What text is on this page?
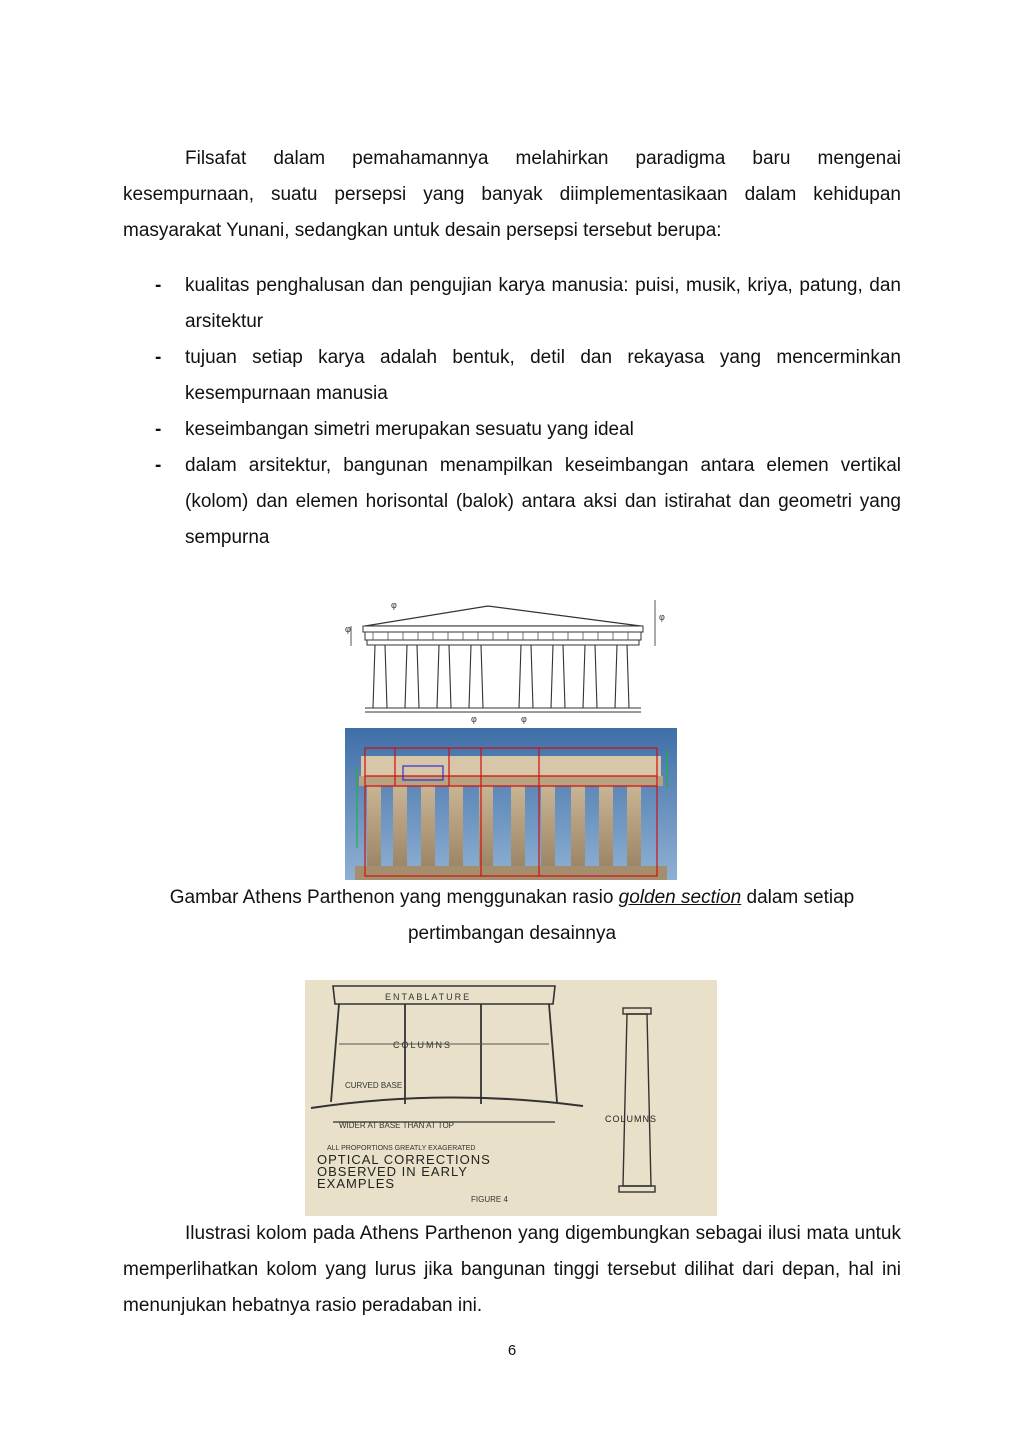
Filsafat dalam pemahamannya melahirkan paradigma baru mengenai kesempurnaan, suatu persepsi yang banyak diimplementasikaan dalam kehidupan masyarakat Yunani, sedangkan untuk desain persepsi tersebut berupa:
- kualitas penghalusan dan pengujian karya manusia: puisi, musik, kriya, patung, dan arsitektur
- tujuan setiap karya adalah bentuk, detil dan rekayasa yang mencerminkan kesempurnaan manusia
- keseimbangan simetri merupakan sesuatu yang ideal
- dalam arsitektur, bangunan menampilkan keseimbangan antara elemen vertikal (kolom) dan elemen horisontal (balok) antara aksi dan istirahat dan geometri yang sempurna
φ
φ
φ
φ	φ
Gambar Athens Parthenon yang menggunakan rasio golden section dalam setiap pertimbangan desainnya
ENTABLATURE
COLUMNS
CURVED BASE
WIDER AT BASE THAN AT TOP
ALL PROPORTIONS GREATLY EXAGERATED
OPTICAL CORRECTIONS
OBSERVED IN EARLY
EXAMPLES
FIGURE 4
COLUMNS
Ilustrasi kolom pada Athens Parthenon yang digembungkan sebagai ilusi mata untuk memperlihatkan kolom yang lurus jika bangunan tinggi tersebut dilihat dari depan, hal ini menunjukan hebatnya rasio peradaban ini.
6
